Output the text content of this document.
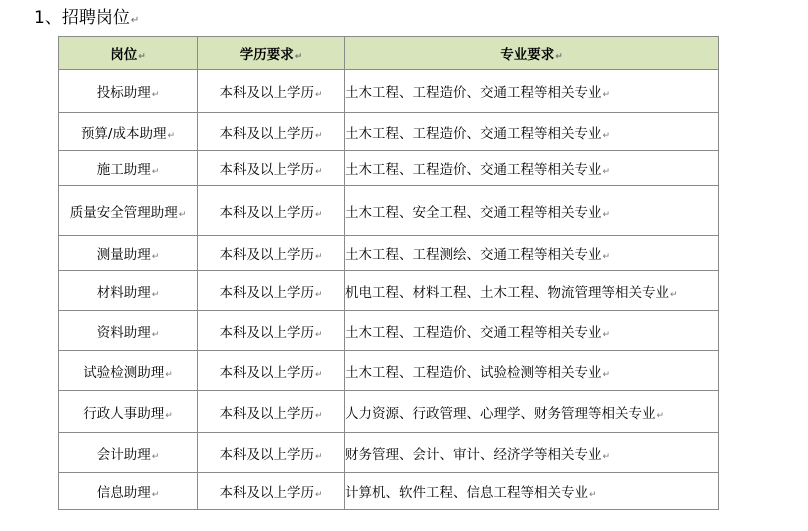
1、招聘岗位↵
岗位↵	学历要求↵	专业要求↵
投标助理↵	本科及以上学历↵	土木工程、工程造价、交通工程等相关专业↵
预算/成本助理↵	本科及以上学历↵	土木工程、工程造价、交通工程等相关专业↵
施工助理↵	本科及以上学历↵	土木工程、工程造价、交通工程等相关专业↵
质量安全管理助理↵	本科及以上学历↵	土木工程、安全工程、交通工程等相关专业↵
测量助理↵	本科及以上学历↵	土木工程、工程测绘、交通工程等相关专业↵
材料助理↵	本科及以上学历↵	机电工程、材料工程、土木工程、物流管理等相关专业↵
资料助理↵	本科及以上学历↵	土木工程、工程造价、交通工程等相关专业↵
试验检测助理↵	本科及以上学历↵	土木工程、工程造价、试验检测等相关专业↵
行政人事助理↵	本科及以上学历↵	人力资源、行政管理、心理学、财务管理等相关专业↵
会计助理↵	本科及以上学历↵	财务管理、会计、审计、经济学等相关专业↵
信息助理↵	本科及以上学历↵	计算机、软件工程、信息工程等相关专业↵
